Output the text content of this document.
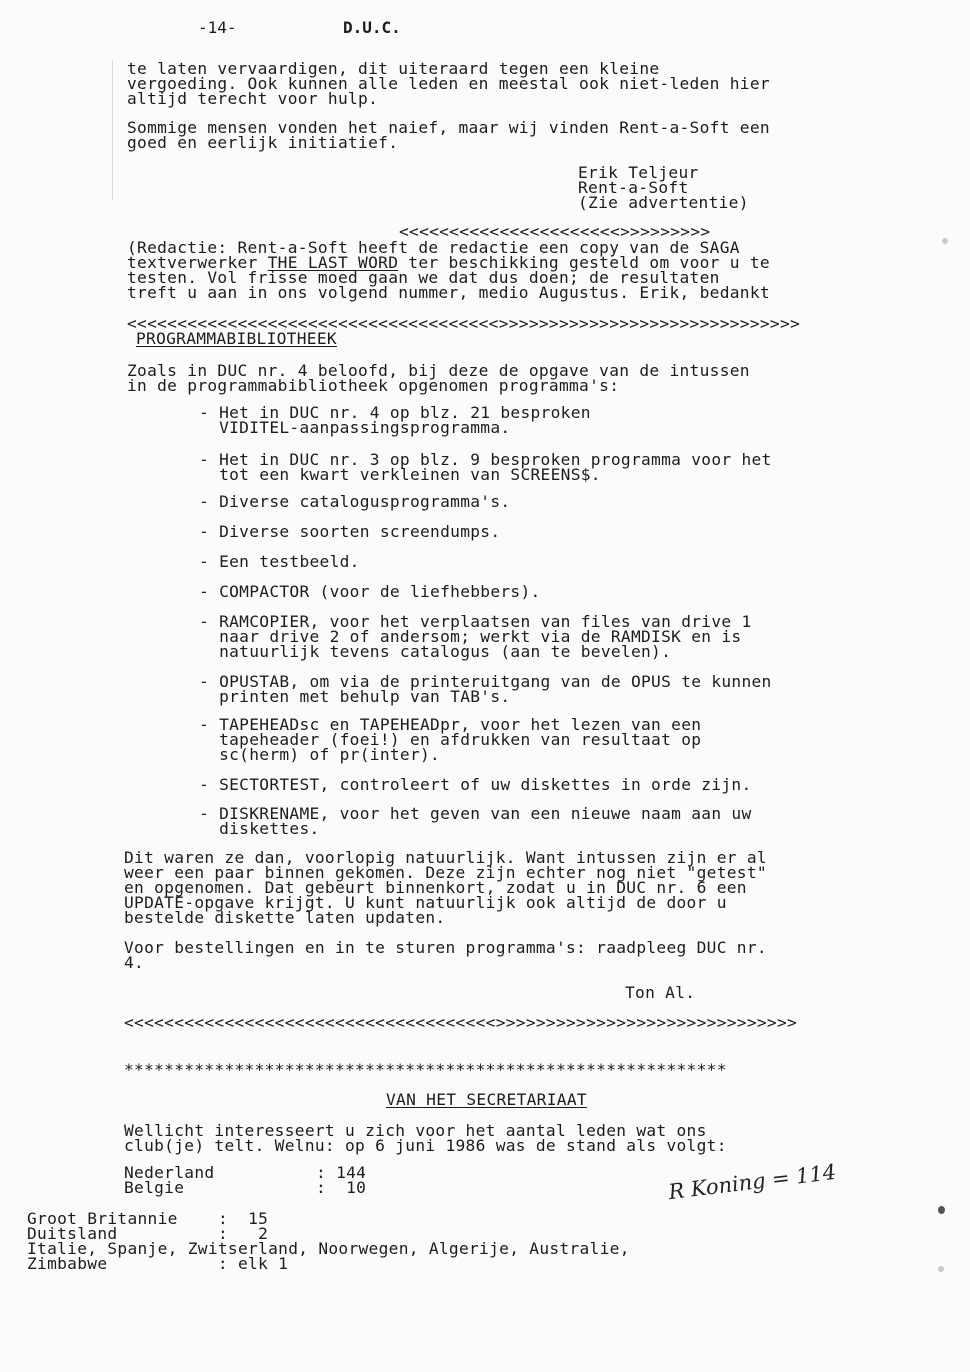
-14-	D.U.C.
te laten vervaardigen, dit uiteraard tegen een kleine
vergoeding. Ook kunnen alle leden en meestal ook niet-leden hier
altijd terecht voor hulp.
Sommige mensen vonden het naief, maar wij vinden Rent-a-Soft een
goed en eerlijk initiatief.
Erik Teljeur
Rent-a-Soft
(Zie advertentie)
<<<<<<<<<<<<<<<<<<<<<<>>>>>>>>>
(Redactie: Rent-a-Soft heeft de redactie een copy van de SAGA
textverwerker THE LAST WORD ter beschikking gesteld om voor u te
testen. Vol frisse moed gaan we dat dus doen; de resultaten
treft u aan in ons volgend nummer, medio Augustus. Erik, bedankt
<<<<<<<<<<<<<<<<<<<<<<<<<<<<<<<<<<<<<>>>>>>>>>>>>>>>>>>>>>>>>>>>>>>
PROGRAMMABIBLIOTHEEK
Zoals in DUC nr. 4 beloofd, bij deze de opgave van de intussen
in de programmabibliotheek opgenomen programma's:
- Het in DUC nr. 4 op blz. 21 besproken
VIDITEL-aanpassingsprogramma.
- Het in DUC nr. 3 op blz. 9 besproken programma voor het
tot een kwart verkleinen van SCREENS$.
- Diverse catalogusprogramma's.
- Diverse soorten screendumps.
- Een testbeeld.
- COMPACTOR (voor de liefhebbers).
- RAMCOPIER, voor het verplaatsen van files van drive 1
naar drive 2 of andersom; werkt via de RAMDISK en is
natuurlijk tevens catalogus (aan te bevelen).
- OPUSTAB, om via de printeruitgang van de OPUS te kunnen
printen met behulp van TAB's.
- TAPEHEADsc en TAPEHEADpr, voor het lezen van een
tapeheader (foei!) en afdrukken van resultaat op
sc(herm) of pr(inter).
- SECTORTEST, controleert of uw diskettes in orde zijn.
- DISKRENAME, voor het geven van een nieuwe naam aan uw
diskettes.
Dit waren ze dan, voorlopig natuurlijk. Want intussen zijn er al
weer een paar binnen gekomen. Deze zijn echter nog niet "getest"
en opgenomen. Dat gebeurt binnenkort, zodat u in DUC nr. 6 een
UPDATE-opgave krijgt. U kunt natuurlijk ook altijd de door u
bestelde diskette laten updaten.
Voor bestellingen en in te sturen programma's: raadpleeg DUC nr.
4.
Ton Al.
<<<<<<<<<<<<<<<<<<<<<<<<<<<<<<<<<<<<<>>>>>>>>>>>>>>>>>>>>>>>>>>>>>>
************************************************************
VAN HET SECRETARIAAT
Wellicht interesseert u zich voor het aantal leden wat ons
club(je) telt. Welnu: op 6 juni 1986 was de stand als volgt:
Nederland	: 144
Belgie	:  10	R Koning = 114
Groot Britannie :  15
Duitsland	:   2
Italie, Spanje, Zwitserland, Noorwegen, Algerije, Australie,
Zimbabwe           : elk 1
